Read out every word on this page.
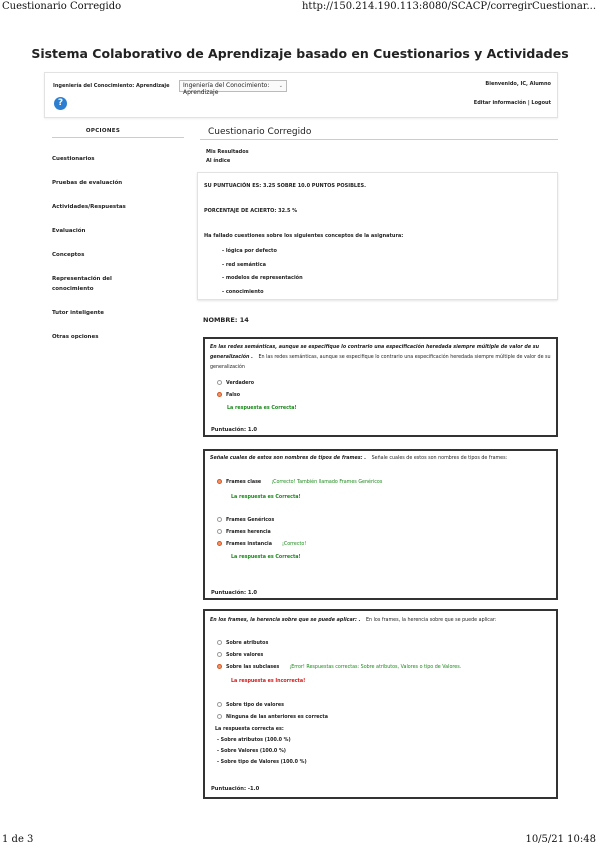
Cuestionario Corregido	http://150.214.190.113:8080/SCACP/corregirCuestionar...
Sistema Colaborativo de Aprendizaje basado en Cuestionarios y Actividades
Ingeniería del Conocimiento: Aprendizaje	Ingeniería del Conocimiento: Aprendizaje
⌄	Bienvenido, IC, Alumno
?	Editar información | Logout
OPCIONES
Cuestionarios
Pruebas de evaluación
Actividades/Respuestas
Evaluación
Conceptos
Representación del conocimiento
Tutor inteligente
Otras opciones
Cuestionario Corregido
Mis Resultados
Al índice
SU PUNTUACIÓN ES: 3.25 SOBRE 10.0 PUNTOS POSIBLES.
PORCENTAJE DE ACIERTO: 32.5 %
Ha fallado cuestiones sobre los siguientes conceptos de la asignatura:
- lógica por defecto
- red semántica
- modelos de representación
- conocimiento
NOMBRE: 14
En las redes semánticas, aunque se especifique lo contrario una especificación heredada siempre múltiple de valor de su generalización . En las redes semánticas, aunque se especifique lo contrario una especificación heredada siempre múltiple de valor de su generalización
Verdadero
Falso
La respuesta es Correcta!
Puntuación: 1.0
Señale cuales de estos son nombres de tipos de frames: . Señale cuales de estos son nombres de tipos de frames:
Frames clase ¡Correcto! También llamado Frames Genéricos
La respuesta es Correcta!
Frames Genéricos
Frames herencia
Frames instancia ¡Correcto!
La respuesta es Correcta!
Puntuación: 1.0
En los frames, la herencia sobre que se puede aplicar: . En los frames, la herencia sobre que se puede aplicar:
Sobre atributos
Sobre valores
Sobre las subclases ¡Error! Respuestas correctas: Sobre atributos, Valores o tipo de Valores.
La respuesta es Incorrecta!
Sobre tipo de valores
Ninguna de las anteriores es correcta
La respuesta correcta es:
- Sobre atributos (100.0 %)
- Sobre Valores (100.0 %)
- Sobre tipo de Valores (100.0 %)
Puntuación: -1.0
1 de 3	10/5/21 10:48
